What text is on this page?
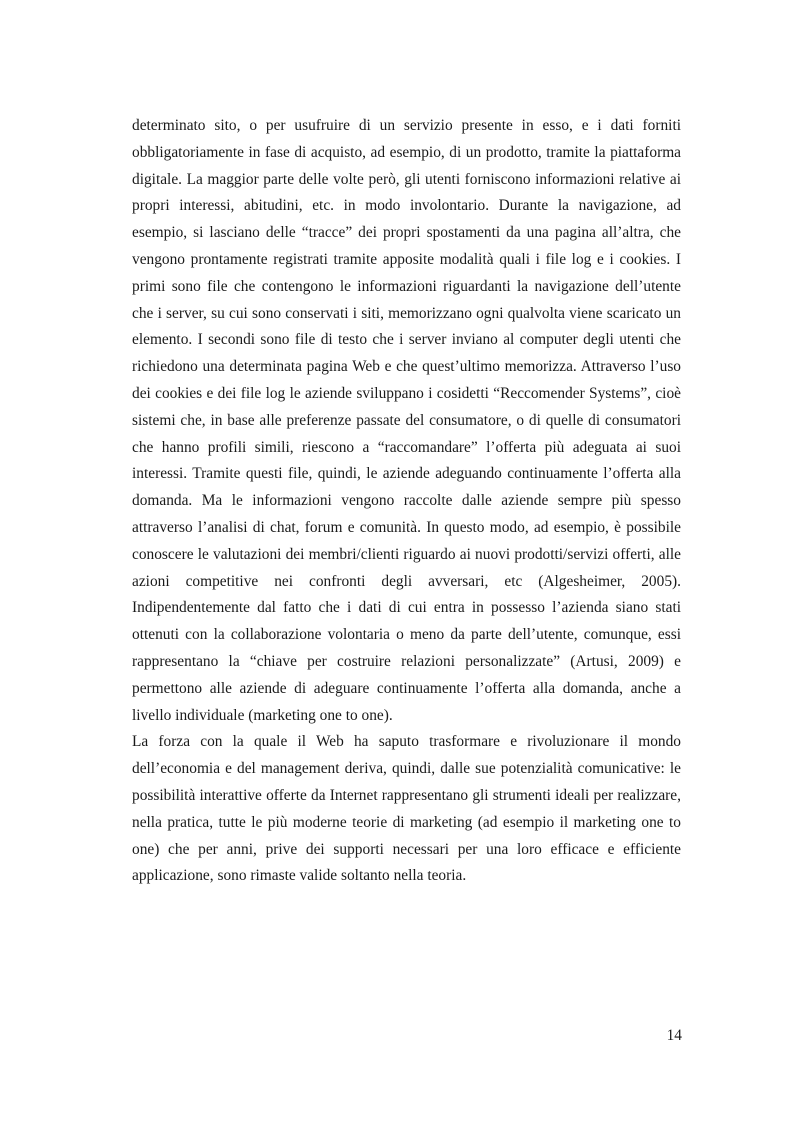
determinato sito, o per usufruire di un servizio presente in esso, e i dati forniti obbligatoriamente in fase di acquisto, ad esempio, di un prodotto, tramite la piattaforma digitale. La maggior parte delle volte però, gli utenti forniscono informazioni relative ai propri interessi, abitudini, etc. in modo involontario. Durante la navigazione, ad esempio, si lasciano delle “tracce” dei propri spostamenti da una pagina all’altra, che vengono prontamente registrati tramite apposite modalità quali i file log e i cookies. I primi sono file che contengono le informazioni riguardanti la navigazione dell’utente che i server, su cui sono conservati i siti, memorizzano ogni qualvolta viene scaricato un elemento. I secondi sono file di testo che i server inviano al computer degli utenti che richiedono una determinata pagina Web e che quest’ultimo memorizza. Attraverso l’uso dei cookies e dei file log le aziende sviluppano i cosidetti “Reccomender Systems”, cioè sistemi che, in base alle preferenze passate del consumatore, o di quelle di consumatori che hanno profili simili, riescono a “raccomandare” l’offerta più adeguata ai suoi interessi. Tramite questi file, quindi, le aziende adeguando continuamente l’offerta alla domanda. Ma le informazioni vengono raccolte dalle aziende sempre più spesso attraverso l’analisi di chat, forum e comunità. In questo modo, ad esempio, è possibile conoscere le valutazioni dei membri/clienti riguardo ai nuovi prodotti/servizi offerti, alle azioni competitive nei confronti degli avversari, etc (Algesheimer, 2005). Indipendentemente dal fatto che i dati di cui entra in possesso l’azienda siano stati ottenuti con la collaborazione volontaria o meno da parte dell’utente, comunque, essi rappresentano la “chiave per costruire relazioni personalizzate” (Artusi, 2009) e permettono alle aziende di adeguare continuamente l’offerta alla domanda, anche a livello individuale (marketing one to one).

La forza con la quale il Web ha saputo trasformare e rivoluzionare il mondo dell’economia e del management deriva, quindi, dalle sue potenzialità comunicative: le possibilità interattive offerte da Internet rappresentano gli strumenti ideali per realizzare, nella pratica, tutte le più moderne teorie di marketing (ad esempio il marketing one to one) che per anni, prive dei supporti necessari per una loro efficace e efficiente applicazione, sono rimaste valide soltanto nella teoria.

14
